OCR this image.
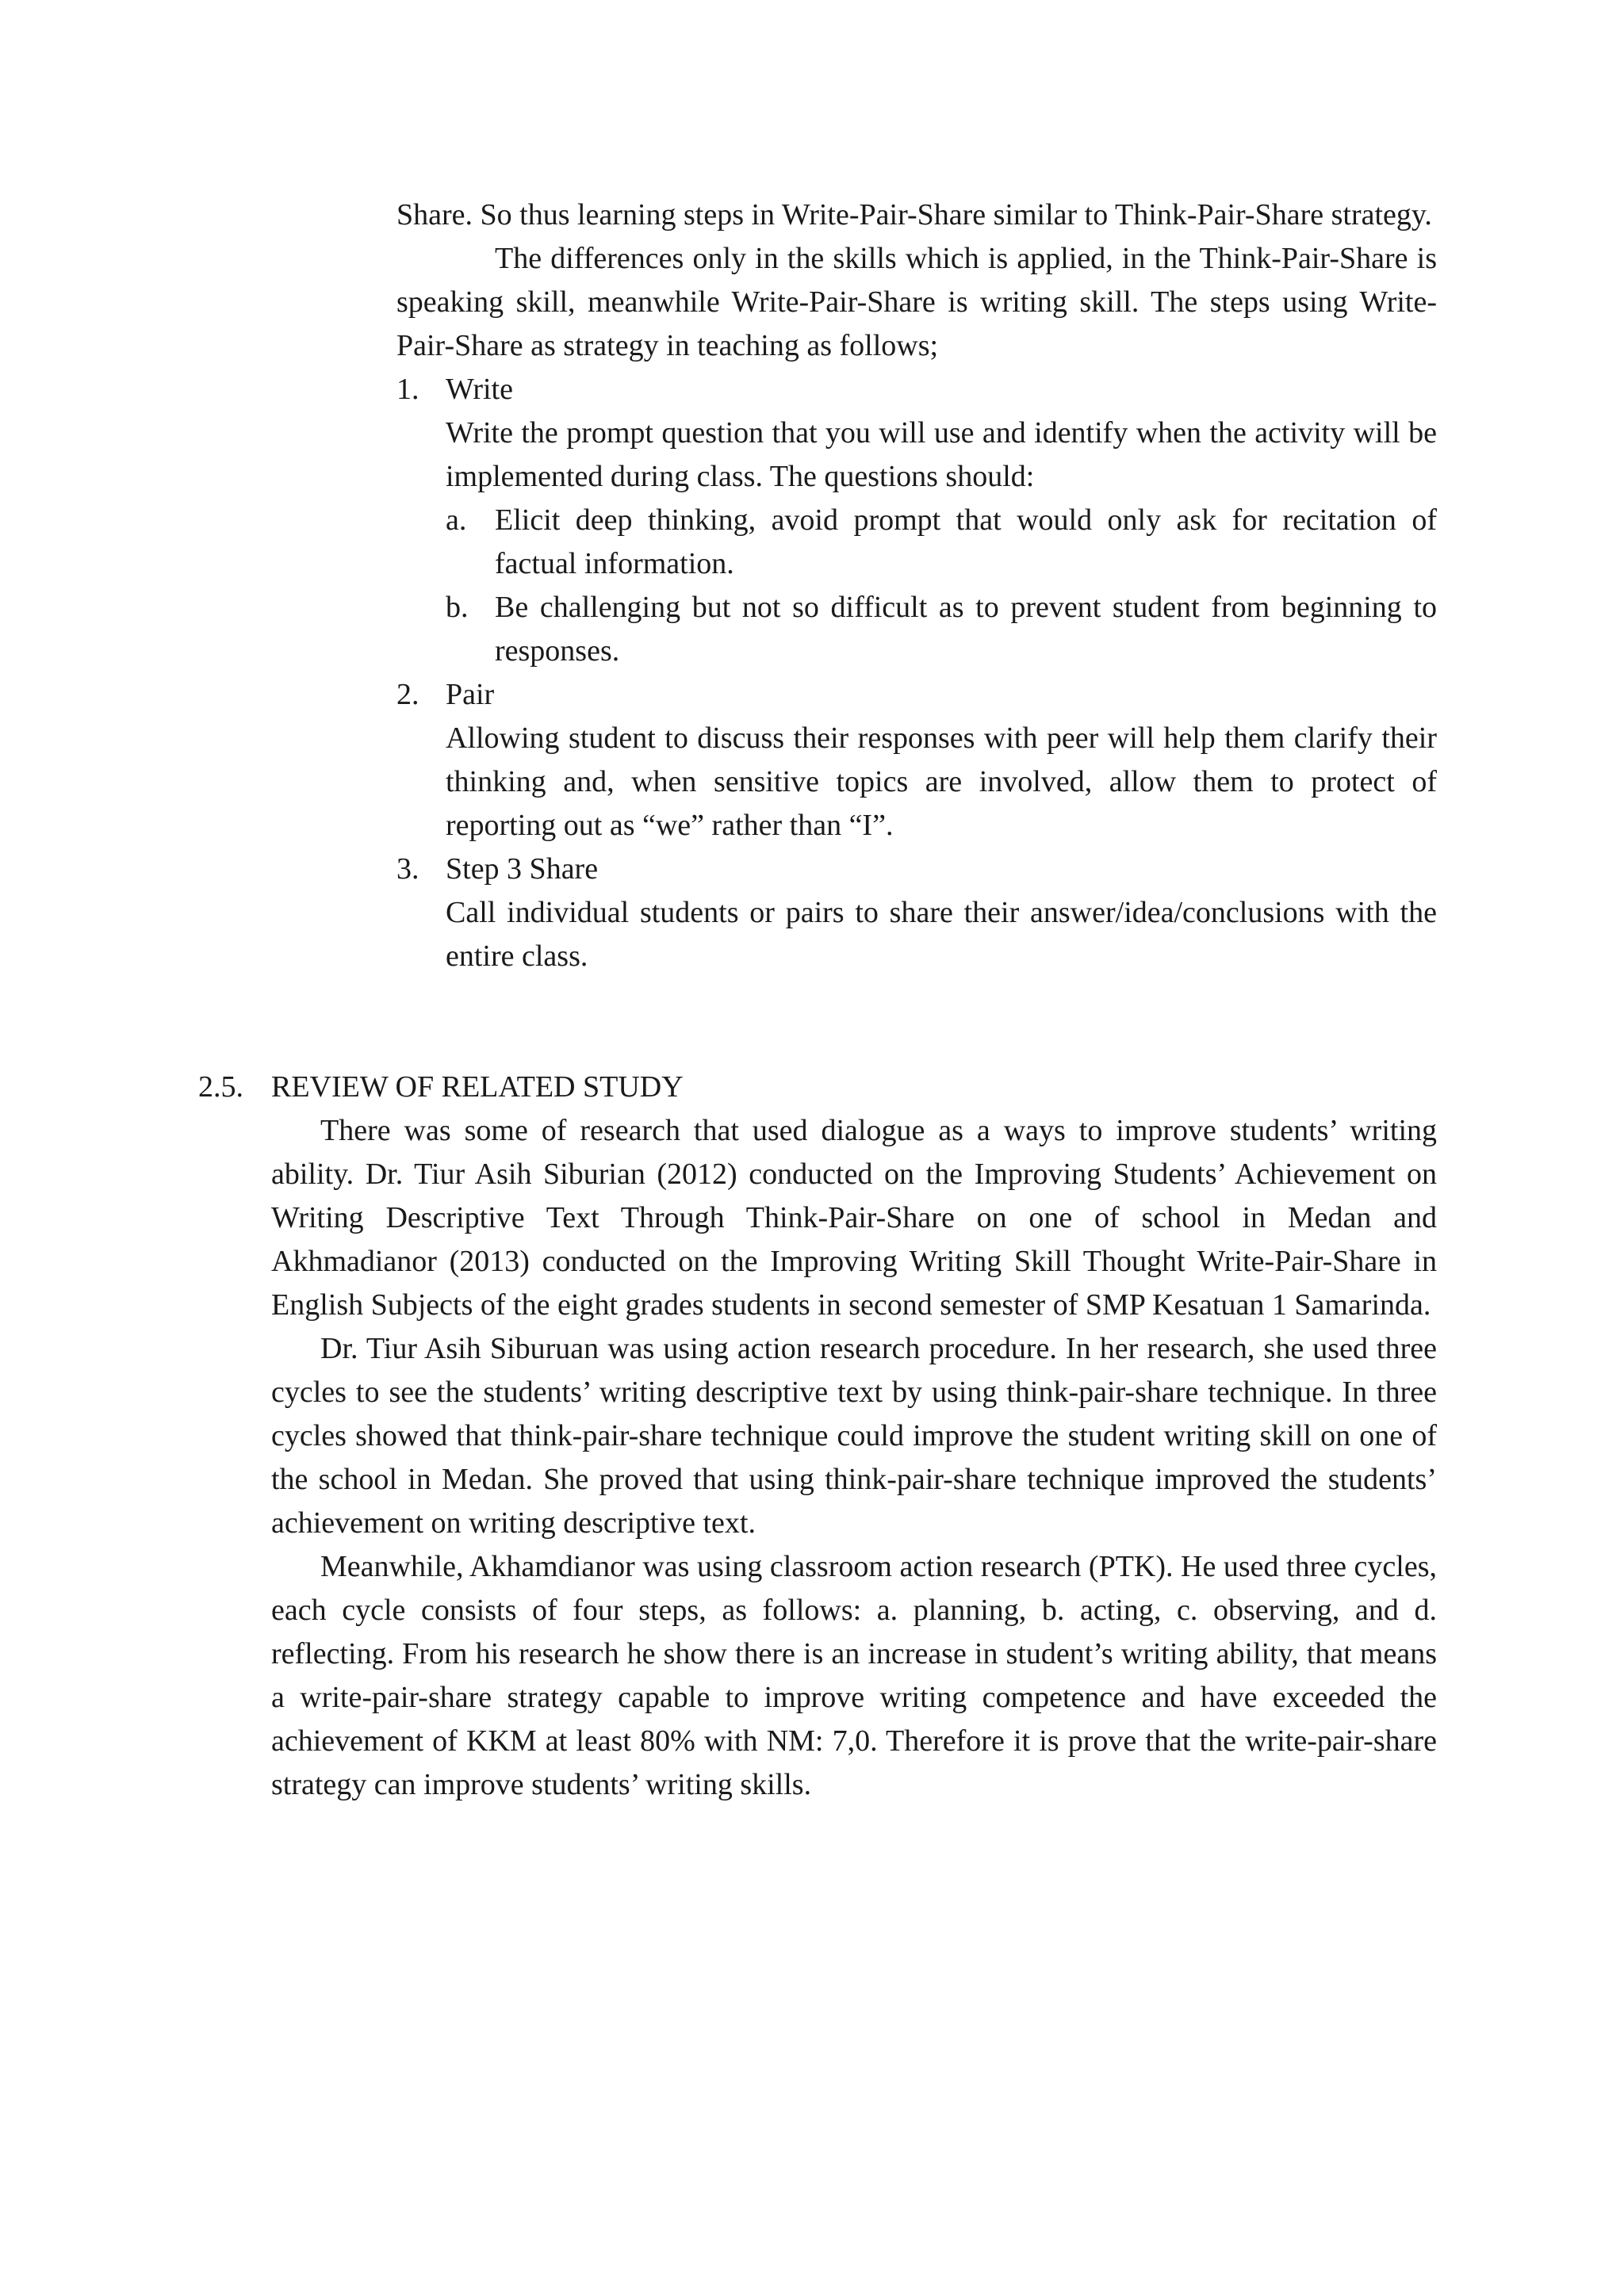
Share. So thus learning steps in Write-Pair-Share similar to Think-Pair-Share strategy.

The differences only in the skills which is applied, in the Think-Pair-Share is speaking skill, meanwhile Write-Pair-Share is writing skill. The steps using Write-Pair-Share as strategy in teaching as follows;

1. Write

Write the prompt question that you will use and identify when the activity will be implemented during class. The questions should:

a. Elicit deep thinking, avoid prompt that would only ask for recitation of factual information.

b. Be challenging but not so difficult as to prevent student from beginning to responses.

2. Pair

Allowing student to discuss their responses with peer will help them clarify their thinking and, when sensitive topics are involved, allow them to protect of reporting out as “we” rather than “I”.

3. Step 3 Share

Call individual students or pairs to share their answer/idea/conclusions with the entire class.

2.5. REVIEW OF RELATED STUDY

There was some of research that used dialogue as a ways to improve students’ writing ability. Dr. Tiur Asih Siburian (2012) conducted on the Improving Students’ Achievement on Writing Descriptive Text Through Think-Pair-Share on one of school in Medan and Akhmadianor (2013) conducted on the Improving Writing Skill Thought Write-Pair-Share in English Subjects of the eight grades students in second semester of SMP Kesatuan 1 Samarinda.

Dr. Tiur Asih Siburuan was using action research procedure. In her research, she used three cycles to see the students’ writing descriptive text by using think-pair-share technique. In three cycles showed that think-pair-share technique could improve the student writing skill on one of the school in Medan. She proved that using think-pair-share technique improved the students’ achievement on writing descriptive text.

Meanwhile, Akhamdianor was using classroom action research (PTK). He used three cycles, each cycle consists of four steps, as follows: a. planning, b. acting, c. observing, and d. reflecting. From his research he show there is an increase in student’s writing ability, that means a write-pair-share strategy capable to improve writing competence and have exceeded the achievement of KKM at least 80% with NM: 7,0. Therefore it is prove that the write-pair-share strategy can improve students’ writing skills.
